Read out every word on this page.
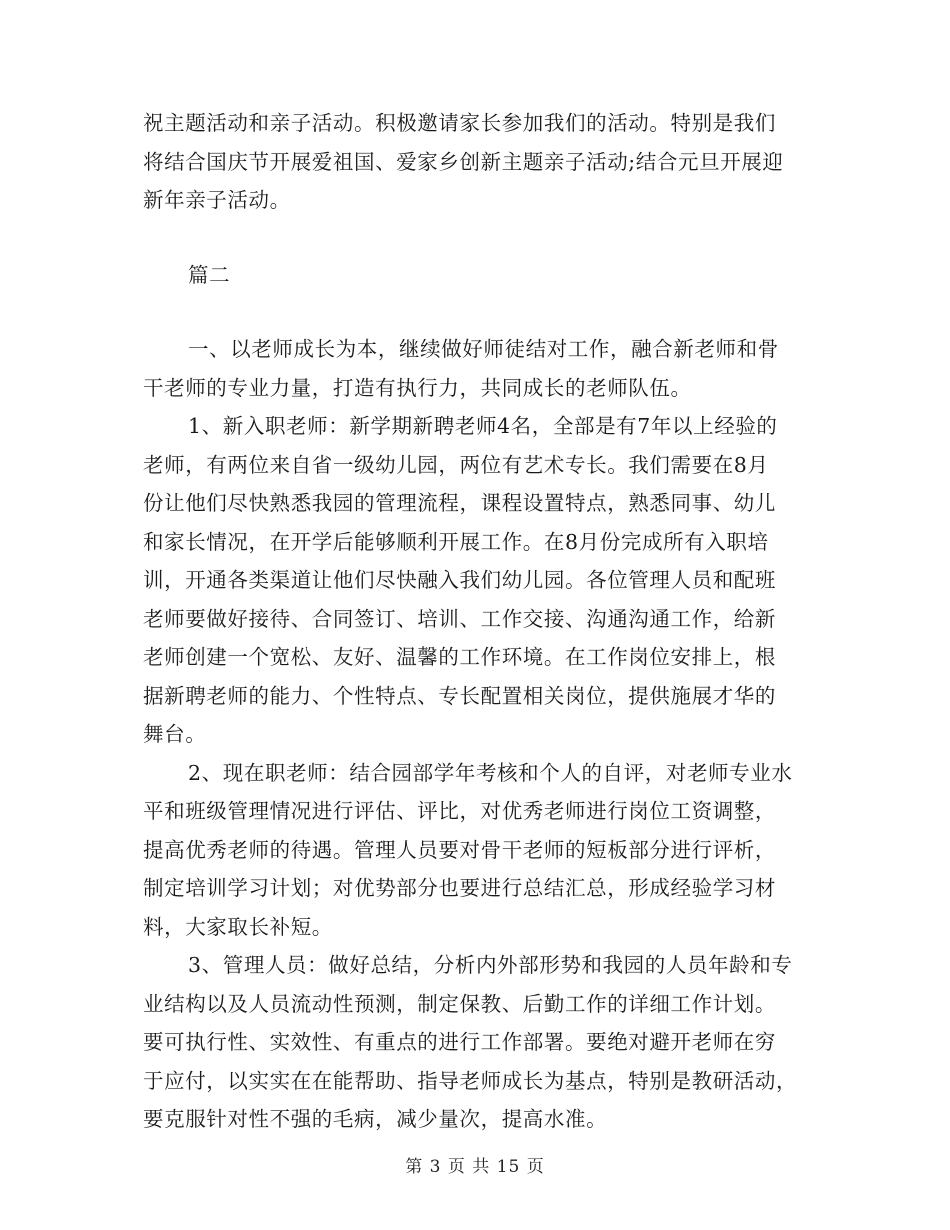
祝主题活动和亲子活动。积极邀请家长参加我们的活动。特别是我们
将结合国庆节开展爱祖国、爱家乡创新主题亲子活动;结合元旦开展迎
新年亲子活动。
篇二
一、以老师成长为本，继续做好师徒结对工作，融合新老师和骨
干老师的专业力量，打造有执行力，共同成长的老师队伍。
1、新入职老师：新学期新聘老师4名，全部是有7年以上经验的
老师，有两位来自省一级幼儿园，两位有艺术专长。我们需要在8月
份让他们尽快熟悉我园的管理流程，课程设置特点，熟悉同事、幼儿
和家长情况，在开学后能够顺利开展工作。在8月份完成所有入职培
训，开通各类渠道让他们尽快融入我们幼儿园。各位管理人员和配班
老师要做好接待、合同签订、培训、工作交接、沟通沟通工作，给新
老师创建一个宽松、友好、温馨的工作环境。在工作岗位安排上，根
据新聘老师的能力、个性特点、专长配置相关岗位，提供施展才华的
舞台。
2、现在职老师：结合园部学年考核和个人的自评，对老师专业水
平和班级管理情况进行评估、评比，对优秀老师进行岗位工资调整，
提高优秀老师的待遇。管理人员要对骨干老师的短板部分进行评析，
制定培训学习计划；对优势部分也要进行总结汇总，形成经验学习材
料，大家取长补短。
3、管理人员：做好总结，分析内外部形势和我园的人员年龄和专
业结构以及人员流动性预测，制定保教、后勤工作的详细工作计划。
要可执行性、实效性、有重点的进行工作部署。要绝对避开老师在穷
于应付，以实实在在能帮助、指导老师成长为基点，特别是教研活动，
要克服针对性不强的毛病，减少量次，提高水准。
第 3 页 共 15 页
